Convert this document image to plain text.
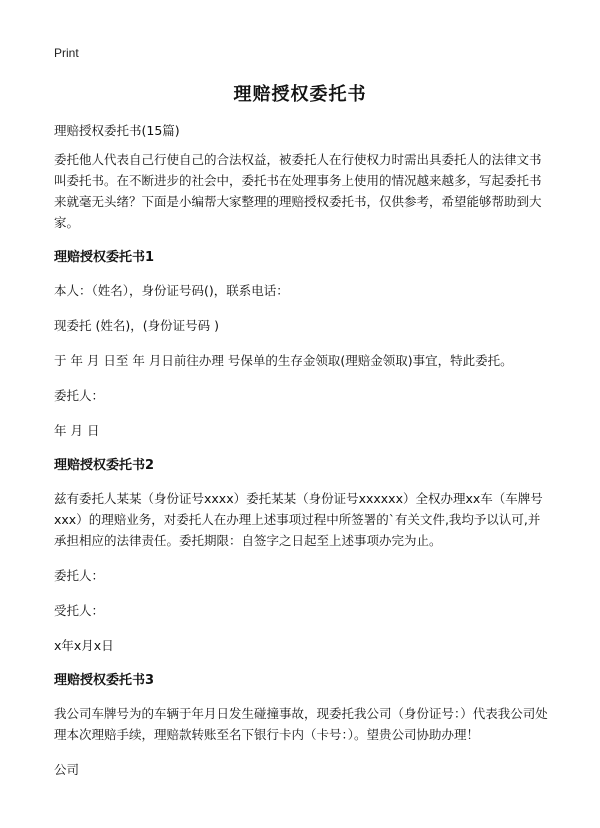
Print
理赔授权委托书

理赔授权委托书(15篇)

委托他人代表自己行使自己的合法权益，被委托人在行使权力时需出具委托人的法律文书叫委托书。在不断进步的社会中，委托书在处理事务上使用的情况越来越多，写起委托书来就毫无头绪？下面是小编帮大家整理的理赔授权委托书，仅供参考，希望能够帮助到大家。

理赔授权委托书1

本人：（姓名），身份证号码()，联系电话：

现委托 (姓名)，(身份证号码 )

于 年 月 日至 年 月日前往办理 号保单的生存金领取(理赔金领取)事宜，特此委托。

委托人：

年 月 日

理赔授权委托书2

兹有委托人某某（身份证号xxxx）委托某某（身份证号xxxxxx）全权办理xx车（车牌号xxx）的理赔业务，对委托人在办理上述事项过程中所签署的`有关文件,我均予以认可,并承担相应的法律责任。委托期限：自签字之日起至上述事项办完为止。

委托人：

受托人：

x年x月x日

理赔授权委托书3

我公司车牌号为的车辆于年月日发生碰撞事故，现委托我公司（身份证号：）代表我公司处理本次理赔手续，理赔款转账至名下银行卡内（卡号：）。望贵公司协助办理！

公司
